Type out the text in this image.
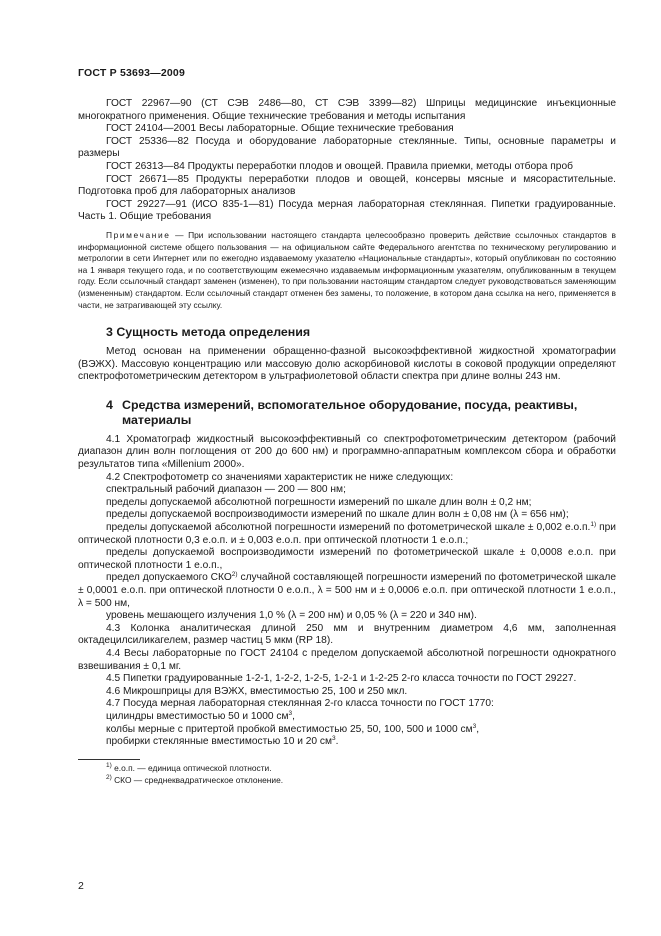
ГОСТ Р 53693—2009

ГОСТ 22967—90 (СТ СЭВ 2486—80, СТ СЭВ 3399—82) Шприцы медицинские инъекционные многократного применения. Общие технические требования и методы испытания

ГОСТ 24104—2001 Весы лабораторные. Общие технические требования

ГОСТ 25336—82 Посуда и оборудование лабораторные стеклянные. Типы, основные параметры и размеры

ГОСТ 26313—84 Продукты переработки плодов и овощей. Правила приемки, методы отбора проб

ГОСТ 26671—85 Продукты переработки плодов и овощей, консервы мясные и мясорастительные. Подготовка проб для лабораторных анализов

ГОСТ 29227—91 (ИСО 835-1—81) Посуда мерная лабораторная стеклянная. Пипетки градуированные. Часть 1. Общие требования

Примечание — При использовании настоящего стандарта целесообразно проверить действие ссылочных стандартов в информационной системе общего пользования — на официальном сайте Федерального агентства по техническому регулированию и метрологии в сети Интернет или по ежегодно издаваемому указателю «Национальные стандарты», который опубликован по состоянию на 1 января текущего года, и по соответствующим ежемесячно издаваемым информационным указателям, опубликованным в текущем году. Если ссылочный стандарт заменен (изменен), то при пользовании настоящим стандартом следует руководствоваться заменяющим (измененным) стандартом. Если ссылочный стандарт отменен без замены, то положение, в котором дана ссылка на него, применяется в части, не затрагивающей эту ссылку.

3 Сущность метода определения

Метод основан на применении обращенно-фазной высокоэффективной жидкостной хроматографии (ВЭЖХ). Массовую концентрацию или массовую долю аскорбиновой кислоты в соковой продукции определяют спектрофотометрическим детектором в ультрафиолетовой области спектра при длине волны 243 нм.

4 Средства измерений, вспомогательное оборудование, посуда, реактивы, материалы

4.1 Хроматограф жидкостный высокоэффективный со спектрофотометрическим детектором (рабочий диапазон длин волн поглощения от 200 до 600 нм) и программно-аппаратным комплексом сбора и обработки результатов типа «Millenium 2000».

4.2 Спектрофотометр со значениями характеристик не ниже следующих:

спектральный рабочий диапазон — 200 — 800 нм;

пределы допускаемой абсолютной погрешности измерений по шкале длин волн ± 0,2 нм;

пределы допускаемой воспроизводимости измерений по шкале длин волн ± 0,08 нм (λ = 656 нм);

пределы допускаемой абсолютной погрешности измерений по фотометрической шкале ± 0,002 е.о.п.$^{1)}$ при оптической плотности 0,3 е.о.п. и ± 0,003 е.о.п. при оптической плотности 1 е.о.п.;

пределы допускаемой воспроизводимости измерений по фотометрической шкале ± 0,0008 е.о.п. при оптической плотности 1 е.о.п.,

предел допускаемого СКО$^{2)}$ случайной составляющей погрешности измерений по фотометрической шкале ± 0,0001 е.о.п. при оптической плотности 0 е.о.п., λ = 500 нм и ± 0,0006 е.о.п. при оптической плотности 1 е.о.п., λ = 500 нм,

уровень мешающего излучения 1,0 % (λ = 200 нм) и 0,05 % (λ = 220 и 340 нм).

4.3 Колонка аналитическая длиной 250 мм и внутренним диаметром 4,6 мм, заполненная октадецилсиликагелем, размер частиц 5 мкм (RP 18).

4.4 Весы лабораторные по ГОСТ 24104 с пределом допускаемой абсолютной погрешности однократного взвешивания ± 0,1 мг.

4.5 Пипетки градуированные 1-2-1, 1-2-2, 1-2-5, 1-2-1 и 1-2-25 2-го класса точности по ГОСТ 29227.

4.6 Микрошприцы для ВЭЖХ, вместимостью 25, 100 и 250 мкл.

4.7 Посуда мерная лабораторная стеклянная 2-го класса точности по ГОСТ 1770:

цилиндры вместимостью 50 и 1000 $см^3$,

колбы мерные с притертой пробкой вместимостью 25, 50, 100, 500 и 1000 $см^3$,

пробирки стеклянные вместимостью 10 и 20 $см^3$.

$^{1)}$ е.о.п. — единица оптической плотности.
$^{2)}$ СКО — среднеквадратическое отклонение.
2
